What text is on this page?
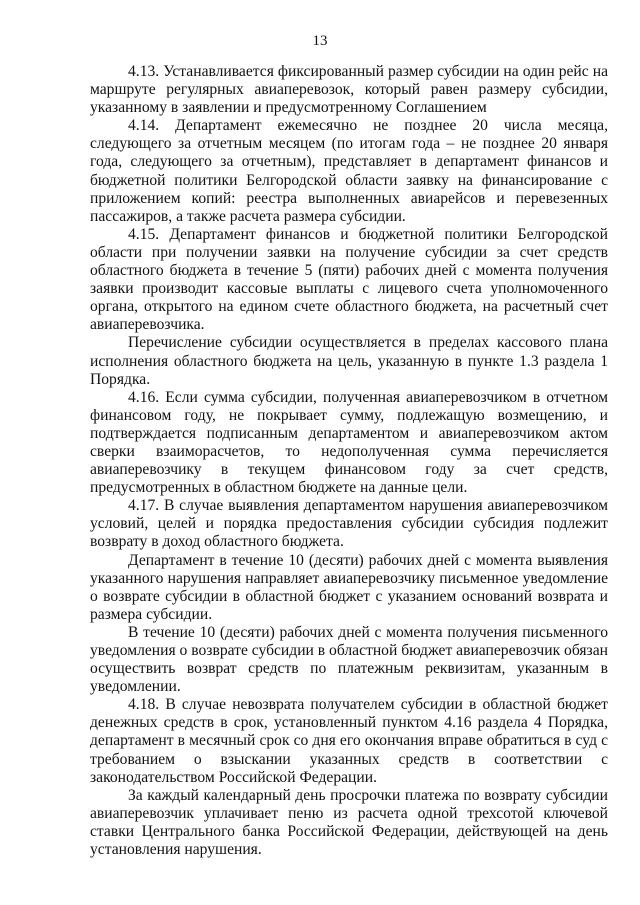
13

4.13. Устанавливается фиксированный размер субсидии на один рейс на маршруте регулярных авиаперевозок, который равен размеру субсидии, указанному в заявлении и предусмотренному Соглашением

4.14. Департамент ежемесячно не позднее 20 числа месяца, следующего за отчетным месяцем (по итогам года – не позднее 20 января года, следующего за отчетным), представляет в департамент финансов и бюджетной политики Белгородской области заявку на финансирование с приложением копий: реестра выполненных авиарейсов и перевезенных пассажиров, а также расчета размера субсидии.

4.15. Департамент финансов и бюджетной политики Белгородской области при получении заявки на получение субсидии за счет средств областного бюджета в течение 5 (пяти) рабочих дней с момента получения заявки производит кассовые выплаты с лицевого счета уполномоченного органа, открытого на едином счете областного бюджета, на расчетный счет авиаперевозчика.

Перечисление субсидии осуществляется в пределах кассового плана исполнения областного бюджета на цель, указанную в пункте 1.3 раздела 1 Порядка.

4.16. Если сумма субсидии, полученная авиаперевозчиком в отчетном финансовом году, не покрывает сумму, подлежащую возмещению, и подтверждается подписанным департаментом и авиаперевозчиком актом сверки взаиморасчетов, то недополученная сумма перечисляется авиаперевозчику в текущем финансовом году за счет средств, предусмотренных в областном бюджете на данные цели.

4.17. В случае выявления департаментом нарушения авиаперевозчиком условий, целей и порядка предоставления субсидии субсидия подлежит возврату в доход областного бюджета.

Департамент в течение 10 (десяти) рабочих дней с момента выявления указанного нарушения направляет авиаперевозчику письменное уведомление о возврате субсидии в областной бюджет с указанием оснований возврата и размера субсидии.

В течение 10 (десяти) рабочих дней с момента получения письменного уведомления о возврате субсидии в областной бюджет авиаперевозчик обязан осуществить возврат средств по платежным реквизитам, указанным в уведомлении.

4.18. В случае невозврата получателем субсидии в областной бюджет денежных средств в срок, установленный пунктом 4.16 раздела 4 Порядка, департамент в месячный срок со дня его окончания вправе обратиться в суд с требованием о взыскании указанных средств в соответствии с законодательством Российской Федерации.

За каждый календарный день просрочки платежа по возврату субсидии авиаперевозчик уплачивает пеню из расчета одной трехсотой ключевой ставки Центрального банка Российской Федерации, действующей на день установления нарушения.
